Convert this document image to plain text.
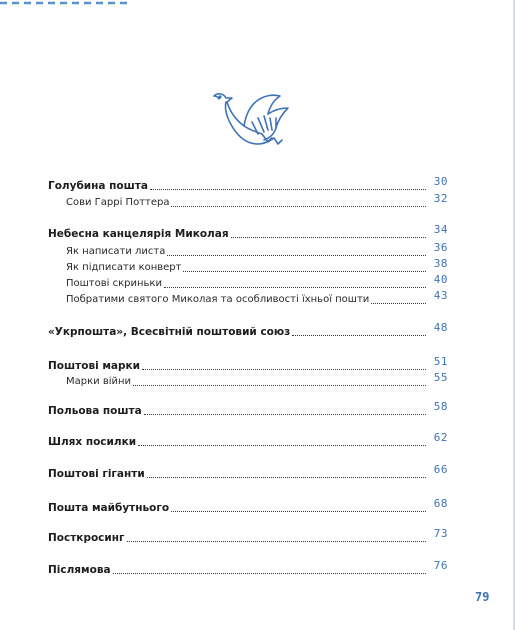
Голубина пошта	30
Сови Гаррі Поттера	32
Небесна канцелярія Миколая	34
Як написати листа	36
Як підписати конверт	38
Поштові скриньки	40
Побратими святого Миколая та особливості їхньої пошти	43
«Укрпошта», Всесвітній поштовий союз	48
Поштові марки	51
Марки війни	55
Польова пошта	58
Шлях посилки	62
Поштові гіганти	66
Пошта майбутнього	68
Посткросинг	73
Післямова	76
79
